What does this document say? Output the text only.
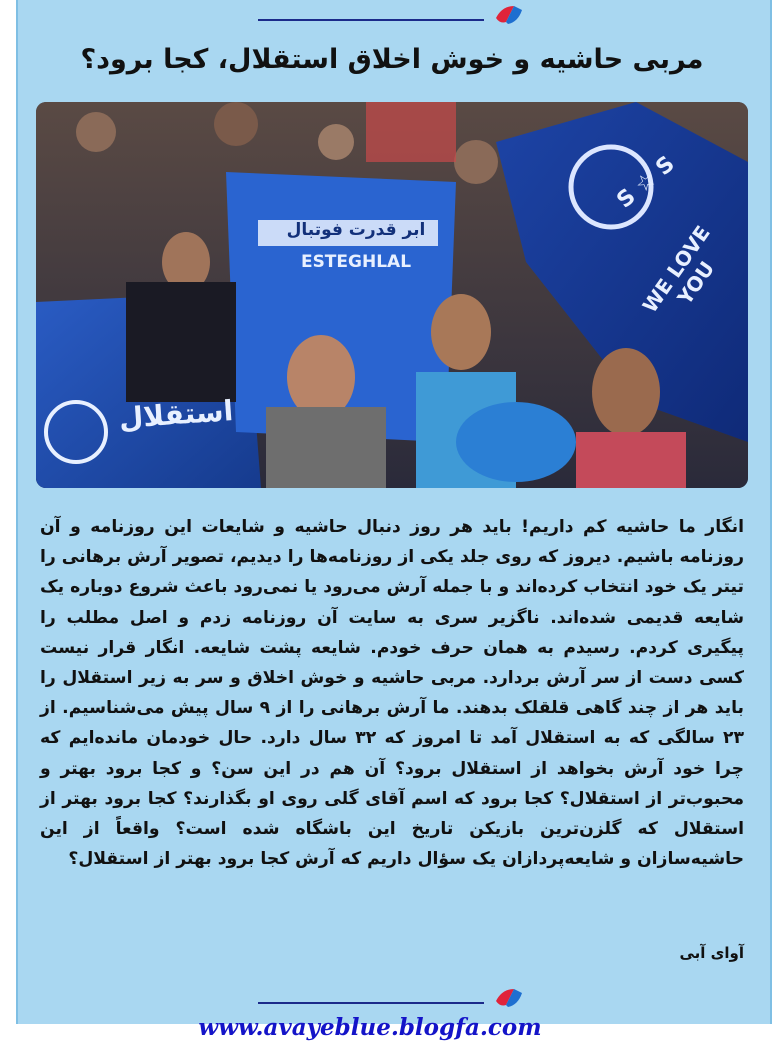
مربی حاشیه و خوش اخلاق استقلال، کجا برود؟
ابر قدرت فوتبال
ESTEGHLAL
استقلال
WE LOVE YOU
S ☆ S
انگار ما حاشیه کم داریم! باید هر روز دنبال حاشیه و شایعات این روزنامه و آن روزنامه باشیم. دیروز که روی جلد یکی از روزنامه‌ها را دیدیم، تصویر آرش برهانی را تیتر یک خود انتخاب کرده‌اند و با جمله آرش می‌رود یا نمی‌رود باعث شروع دوباره یک شایعه قدیمی شده‌اند. ناگزیر سری به سایت آن روزنامه زدم و اصل مطلب را پیگیری کردم. رسیدم به همان حرف خودم. شایعه پشت شایعه. انگار قرار نیست کسی دست از سر آرش بردارد. مربی حاشیه و خوش اخلاق و سر به زیر استقلال را باید هر از چند گاهی قلقلک بدهند. ما آرش برهانی را از ۹ سال پیش می‌شناسیم. از ۲۳ سالگی که به استقلال آمد تا امروز که ۳۲ سال دارد. حال خودمان مانده‌ایم که چرا خود آرش بخواهد از استقلال برود؟ آن هم در این سن؟ و کجا برود بهتر و محبوب‌تر از استقلال؟ کجا برود که اسم آقای گلی روی او بگذارند؟ کجا برود بهتر از استقلال که گلزن‌ترین بازیکن تاریخ این باشگاه شده است؟ واقعاً از این حاشیه‌سازان و شایعه‌پردازان یک سؤال داریم که آرش کجا برود بهتر از استقلال؟
آوای آبی
www.avayeblue.blogfa.com
